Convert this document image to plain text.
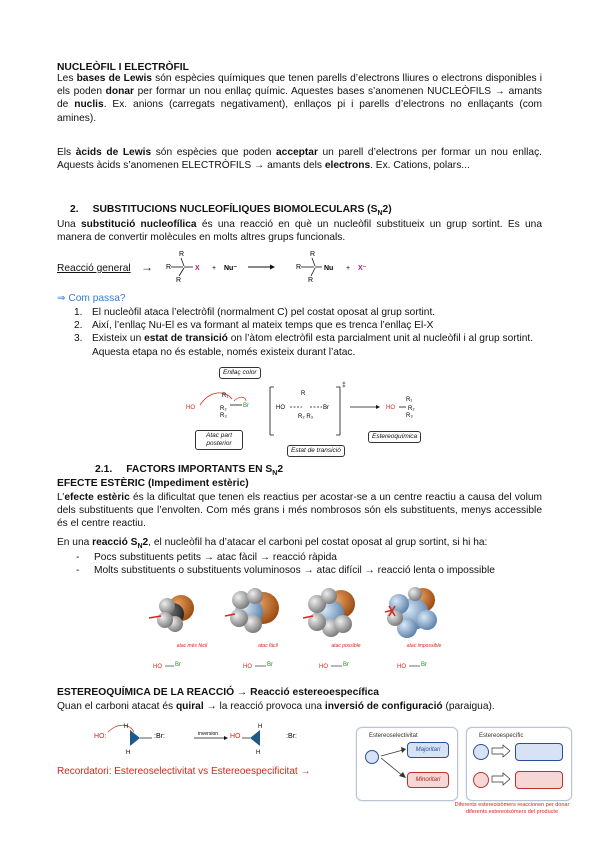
NUCLEÒFIL I ELECTRÒFIL
Les bases de Lewis són espècies químiques que tenen parells d’electrons lliures o electrons disponibles i els poden donar per formar un nou enllaç químic. Aquestes bases s’anomenen NUCLEÒFILS → amants de nuclis. Ex. anions (carregats negativament), enllaços pi i parells d’electrons no enllaçants (com amines).
Els àcids de Lewis són espècies que poden acceptar un parell d’electrons per formar un nou enllaç. Aquests àcids s’anomenen ELECTRÒFILS → amants dels electrons. Ex. Cations, polars...
2. SUBSTITUCIONS NUCLEOFÍLIQUES BIOMOLECULARS $(S_N2)$
Una substitució nucleofílica és una reacció en què un nucleòfil substitueix un grup sortint. Es una manera de convertir molècules en molts altres grups funcionals.
Reacció general →
R
R
R
X + Nu⁻
R
R
R
Nu + X⁻
⇒ Com passa?
1. El nucleòfil ataca l’electròfil (normalment C) pel costat oposat al grup sortint.
2. Així, l’enllaç Nu-El es va formant al mateix temps que es trenca l’enllaç El-X
3. Existeix un estat de transició on l’àtom electròfil esta parcialment unit al nucleòfil i al grup sortint. Aquesta etapa no és estable, només existeix durant l’atac.
HO
R₁
R₂
R₃
Br	HO
R
R₂ R₃
Br
‡
HO
R₁
R₂
R₃
Enllaç color
Atac part posterior
Estat de transició
Estereoquímica
2.1. FACTORS IMPORTANTS EN $S_N2$
EFECTE ESTÈRIC (Impediment estèric)
L’efecte estèric és la dificultat que tenen els reactius per acostar-se a un centre reactiu a causa del volum dels substituents que l’envolten. Com més grans i més nombrosos són els substituents, menys accessible és el centre reactiu.
En una reacció $S_N2$, el nucleòfil ha d’atacar el carboni pel costat oposat al grup sortint, si hi ha:
- Pocs substituents petits → atac fàcil → reacció ràpida
- Molts substituents o substituents voluminosos → atac difícil → reacció lenta o impossible
HO Br	HO	Br	HO	Br	HO	Br
atac més fàcil	atac fàcil	atac possible	atac impossible
ESTEREOQUÍMICA DE LA REACCIÓ → Reacció estereoespecífica
Quan el carboni atacat és quiral → la reacció provoca una inversió de configuració (paraigua).
HO:
H
H
:Br:	inversion HO
H
H
:Br:
Recordatori: Estereoselectivitat vs Estereoespecificitat →
Estereoselectivitat
Majoritari
Minoritari
Estereoespecífic
Diferents estereoisòmers reaccionen per donar diferents estereoisòmers del producte
